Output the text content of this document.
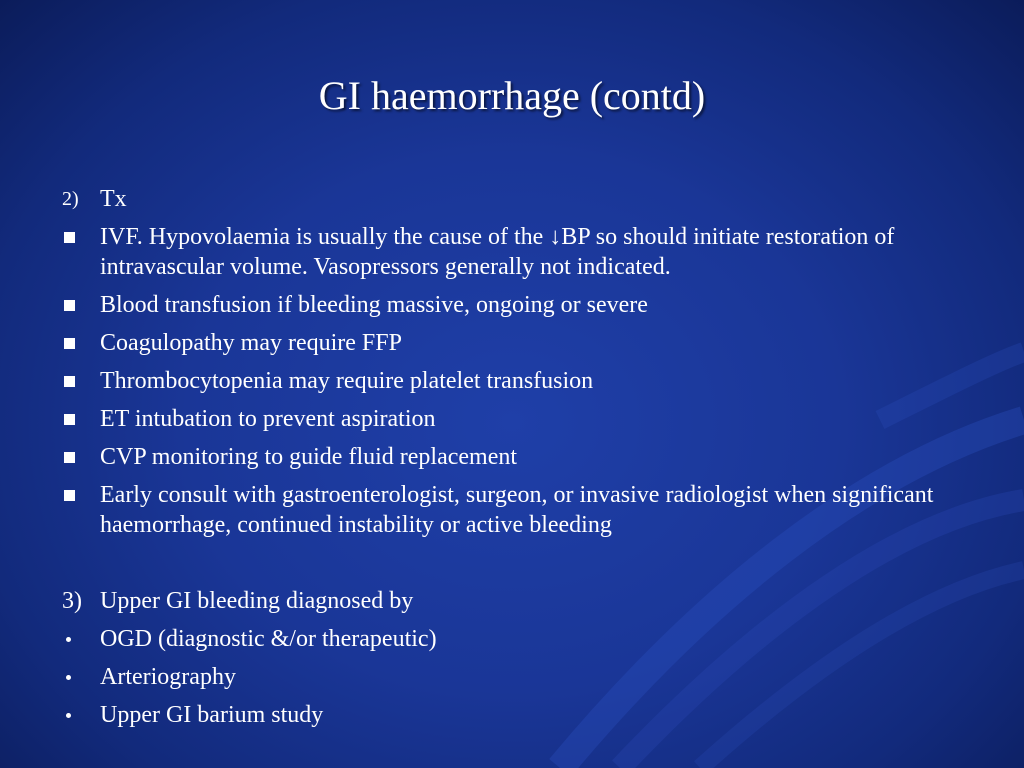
GI haemorrhage (contd)
2) Tx
IVF. Hypovolaemia is usually the cause of the ↓BP so should initiate restoration of intravascular volume. Vasopressors generally not indicated.
Blood transfusion if bleeding massive, ongoing or severe
Coagulopathy may require FFP
Thrombocytopenia may require platelet transfusion
ET intubation to prevent aspiration
CVP monitoring to guide fluid replacement
Early consult with gastroenterologist, surgeon, or invasive radiologist when significant haemorrhage, continued instability or active bleeding
3) Upper GI bleeding diagnosed by
OGD (diagnostic &/or therapeutic)
Arteriography
Upper GI barium study
